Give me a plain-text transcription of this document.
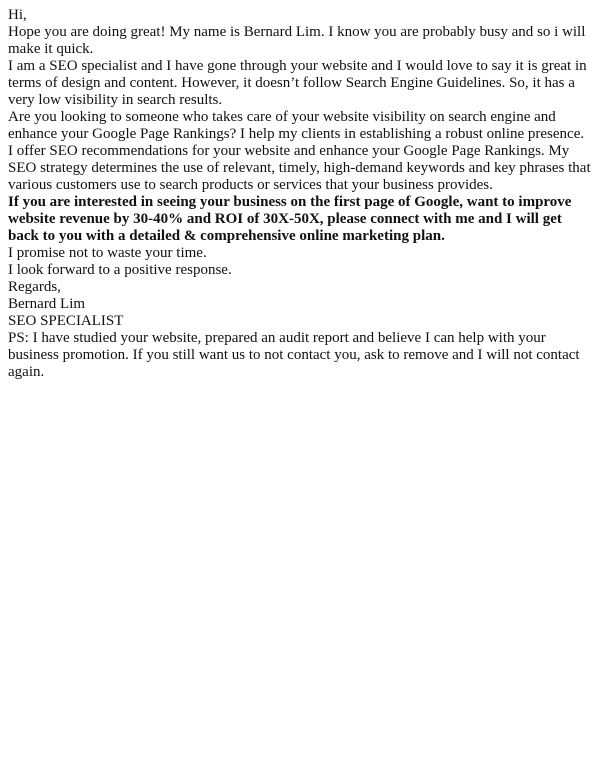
Hi,

Hope you are doing great! My name is Bernard Lim. I know you are probably busy and so i will make it quick.

I am a SEO specialist and I have gone through your website and I would love to say it is great in terms of design and content. However, it doesn’t follow Search Engine Guidelines. So, it has a very low visibility in search results.

Are you looking to someone who takes care of your website visibility on search engine and enhance your Google Page Rankings? I help my clients in establishing a robust online presence. I offer SEO recommendations for your website and enhance your Google Page Rankings. My SEO strategy determines the use of relevant, timely, high-demand keywords and key phrases that various customers use to search products or services that your business provides.

If you are interested in seeing your business on the first page of Google, want to improve website revenue by 30-40% and ROI of 30X-50X, please connect with me and I will get back to you with a detailed & comprehensive online marketing plan.

I promise not to waste your time.

I look forward to a positive response.

Regards,

Bernard Lim

SEO SPECIALIST

PS: I have studied your website, prepared an audit report and believe I can help with your business promotion. If you still want us to not contact you, ask to remove and I will not contact again.
